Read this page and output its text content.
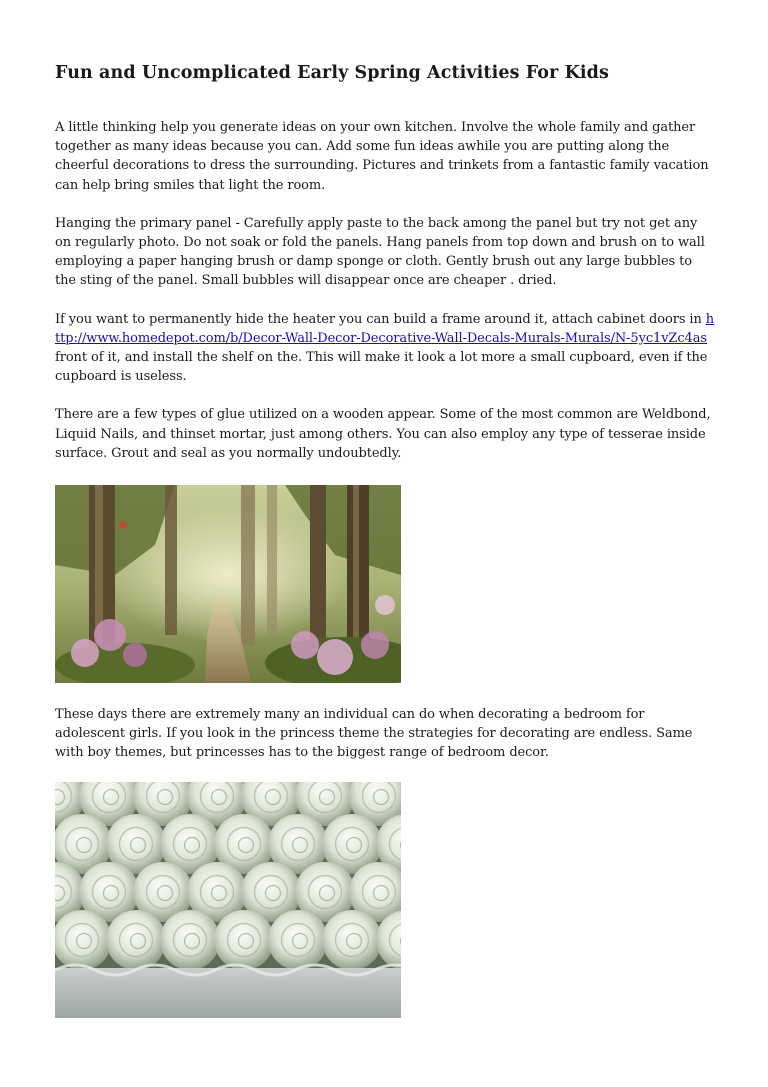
Fun and Uncomplicated Early Spring Activities For Kids

A little thinking help you generate ideas on your own kitchen. Involve the whole family and gather together as many ideas because you can. Add some fun ideas awhile you are putting along the cheerful decorations to dress the surrounding. Pictures and trinkets from a fantastic family vacation can help bring smiles that light the room.

Hanging the primary panel - Carefully apply paste to the back among the panel but try not get any on regularly photo. Do not soak or fold the panels. Hang panels from top down and brush on to wall employing a paper hanging brush or damp sponge or cloth. Gently brush out any large bubbles to the sting of the panel. Small bubbles will disappear once are cheaper . dried.

If you want to permanently hide the heater you can build a frame around it, attach cabinet doors in http://www.homedepot.com/b/Decor-Wall-Decor-Decorative-Wall-Decals-Murals-Murals/N-5yc1vZc4as front of it, and install the shelf on the. This will make it look a lot more a small cupboard, even if the cupboard is useless.

There are a few types of glue utilized on a wooden appear. Some of the most common are Weldbond, Liquid Nails, and thinset mortar, just among others. You can also employ any type of tesserae inside surface. Grout and seal as you normally undoubtedly.

These days there are extremely many an individual can do when decorating a bedroom for adolescent girls. If you look in the princess theme the strategies for decorating are endless. Same with boy themes, but princesses has to the biggest range of bedroom decor.
